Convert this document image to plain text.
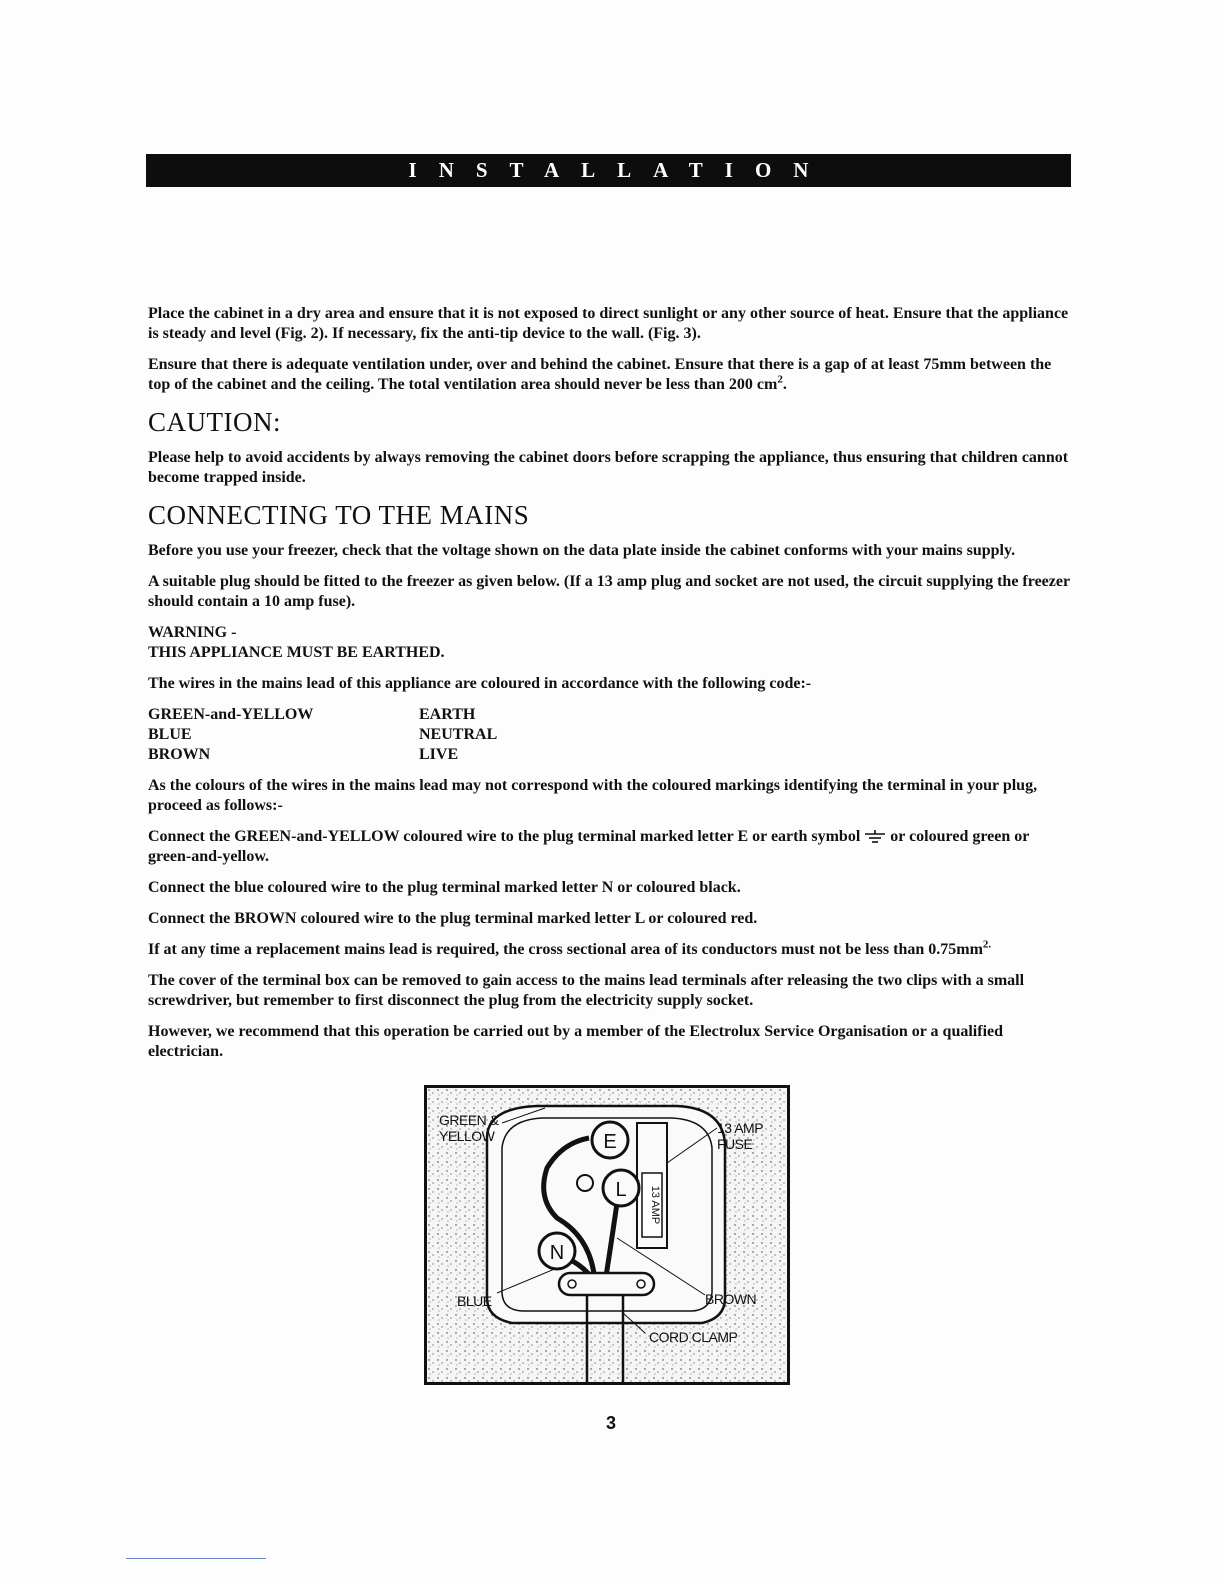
INSTALLATION

Place the cabinet in a dry area and ensure that it is not exposed to direct sunlight or any other source of heat. Ensure that the appliance is steady and level (Fig. 2). If necessary, fix the anti-tip device to the wall. (Fig. 3).

Ensure that there is adequate ventilation under, over and behind the cabinet. Ensure that there is a gap of at least 75mm between the top of the cabinet and the ceiling. The total ventilation area should never be less than 200 $cm^2$.

CAUTION:

Please help to avoid accidents by always removing the cabinet doors before scrapping the appliance, thus ensuring that children cannot become trapped inside.

CONNECTING TO THE MAINS

Before you use your freezer, check that the voltage shown on the data plate inside the cabinet conforms with your mains supply.

A suitable plug should be fitted to the freezer as given below. (If a 13 amp plug and socket are not used, the circuit supplying the freezer should contain a 10 amp fuse).

WARNING -
THIS APPLIANCE MUST BE EARTHED.

The wires in the mains lead of this appliance are coloured in accordance with the following code:-

GREEN-and-YELLOW	EARTH
BLUE	NEUTRAL
BROWN	LIVE

As the colours of the wires in the mains lead may not correspond with the coloured markings identifying the terminal in your plug, proceed as follows:-

Connect the GREEN-and-YELLOW coloured wire to the plug terminal marked letter E or earth symbol or coloured green or green-and-yellow.

Connect the blue coloured wire to the plug terminal marked letter N or coloured black.

Connect the BROWN coloured wire to the plug terminal marked letter L or coloured red.

If at any time a replacement mains lead is required, the cross sectional area of its conductors must not be less than $0.75mm^{2.}$

The cover of the terminal box can be removed to gain access to the mains lead terminals after releasing the two clips with a small screwdriver, but remember to first disconnect the plug from the electricity supply socket.

However, we recommend that this operation be carried out by a member of the Electrolux Service Organisation or a qualified electrician.

13 AMP
E
L
N
GREEN &
YELLOW	13 AMP
FUSE
BLUE	BROWN
CORD CLAMP
3
